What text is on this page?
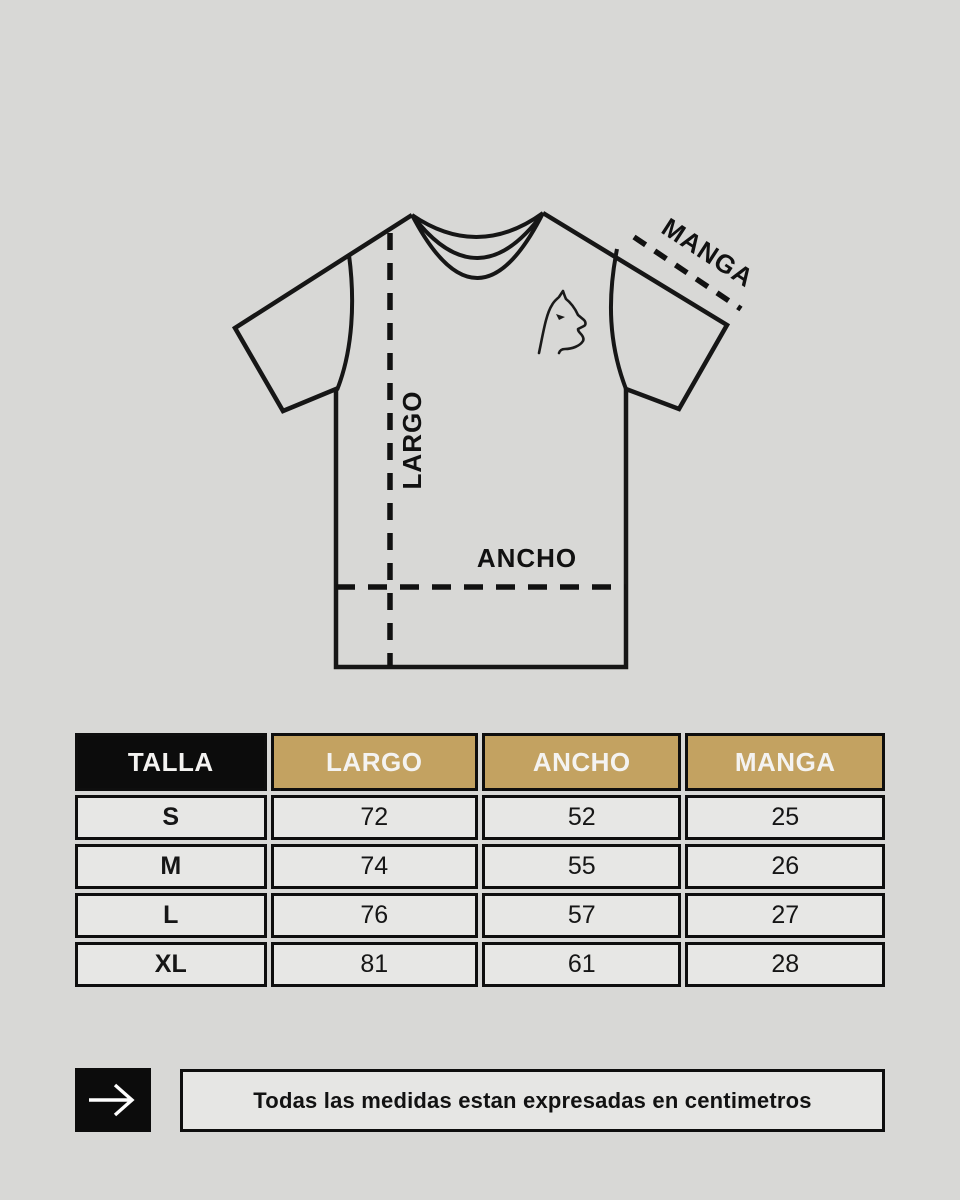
LARGO
ANCHO
MANGA
TALLA	LARGO	ANCHO	MANGA
S	72	52	25
M	74	55	26
L	76	57	27
XL	81	61	28
Todas las medidas estan expresadas en centimetros
